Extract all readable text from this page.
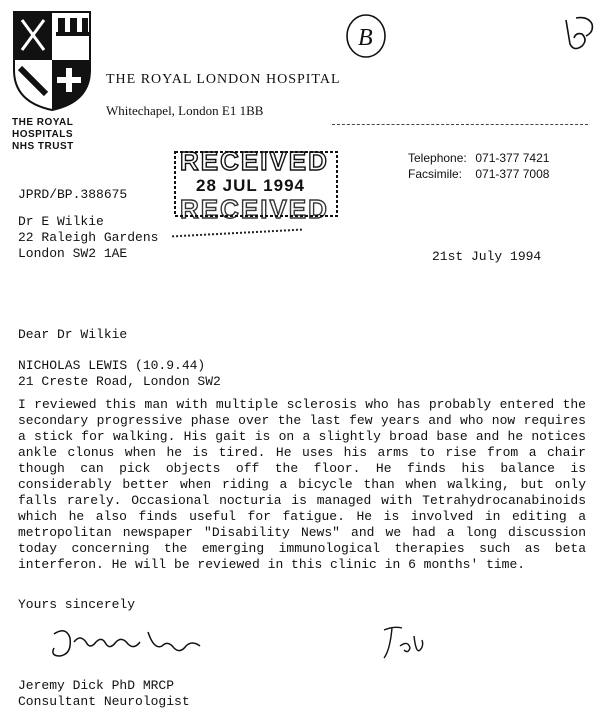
THE ROYAL
HOSPITALS
NHS TRUST
THE ROYAL LONDON HOSPITAL
Whitechapel, London E1 1BB
Telephone: 071-377 7421
Facsimile: 071-377 7008
B
JPRD/BP.388675
RECEIVED
RECEIVED
28 JUL 1994
Dr E Wilkie
22 Raleigh Gardens
London SW2 1AE	21st July 1994
Dear Dr Wilkie
NICHOLAS LEWIS (10.9.44)
21 Creste Road, London SW2
I reviewed this man with multiple sclerosis who has probably entered the secondary progressive phase over the last few years and who now requires a stick for walking. His gait is on a slightly broad base and he notices ankle clonus when he is tired. He uses his arms to rise from a chair though can pick objects off the floor. He finds his balance is considerably better when riding a bicycle than when walking, but only falls rarely. Occasional nocturia is managed with Tetrahydrocanabinoids which he also finds useful for fatigue. He is involved in editing a metropolitan newspaper "Disability News" and we had a long discussion today concerning the emerging immunological therapies such as beta interferon. He will be reviewed in this clinic in 6 months' time.
Yours sincerely
Jeremy Dick PhD MRCP
Consultant Neurologist
